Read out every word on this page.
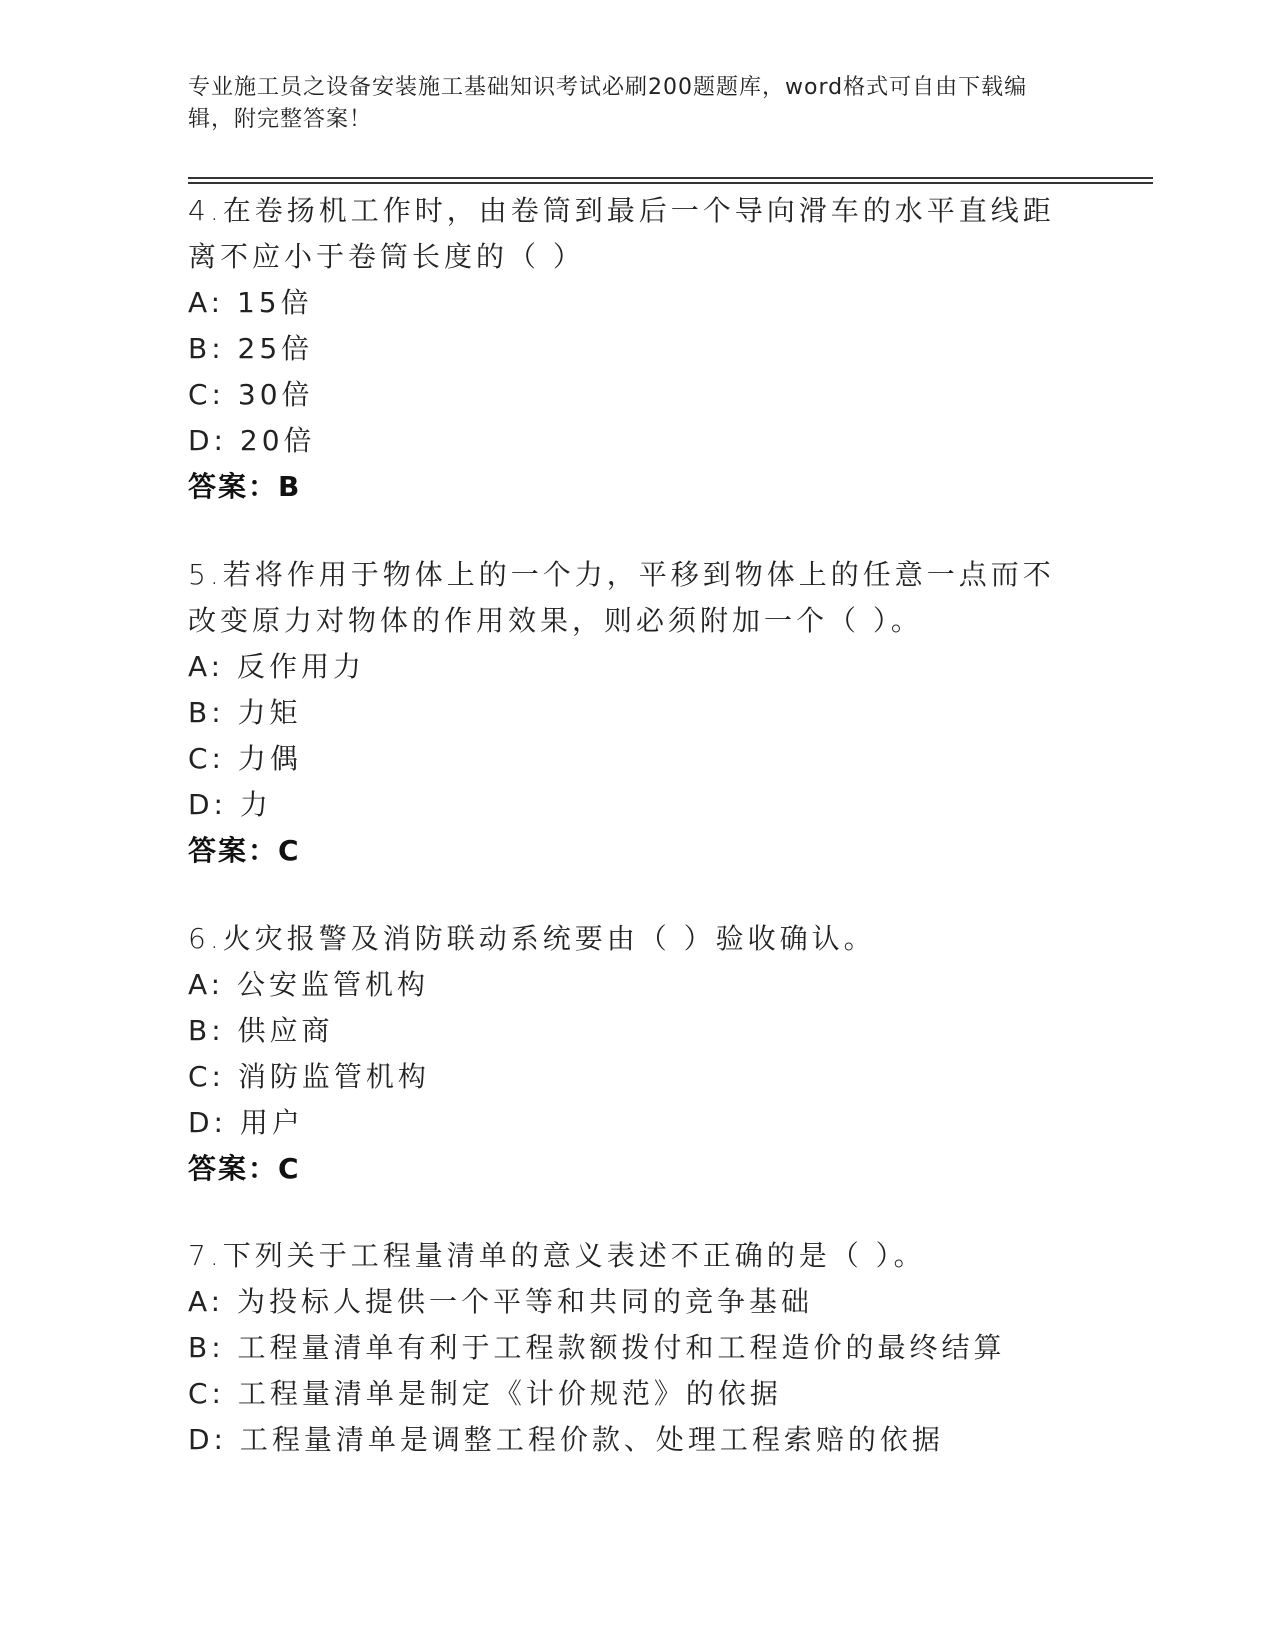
专业施工员之设备安装施工基础知识考试必刷200题题库，word格式可自由下载编辑，附完整答案！
4.在卷扬机工作时，由卷筒到最后一个导向滑车的水平直线距离不应小于卷筒长度的（ ）
A: 15倍
B: 25倍
C: 30倍
D: 20倍
答案：B
5.若将作用于物体上的一个力，平移到物体上的任意一点而不改变原力对物体的作用效果，则必须附加一个（ ）。
A: 反作用力
B: 力矩
C: 力偶
D: 力
答案：C
6.火灾报警及消防联动系统要由（ ）验收确认。
A: 公安监管机构
B: 供应商
C: 消防监管机构
D: 用户
答案：C
7.下列关于工程量清单的意义表述不正确的是（ ）。
A: 为投标人提供一个平等和共同的竞争基础
B: 工程量清单有利于工程款额拨付和工程造价的最终结算
C: 工程量清单是制定《计价规范》的依据
D: 工程量清单是调整工程价款、处理工程索赔的依据
